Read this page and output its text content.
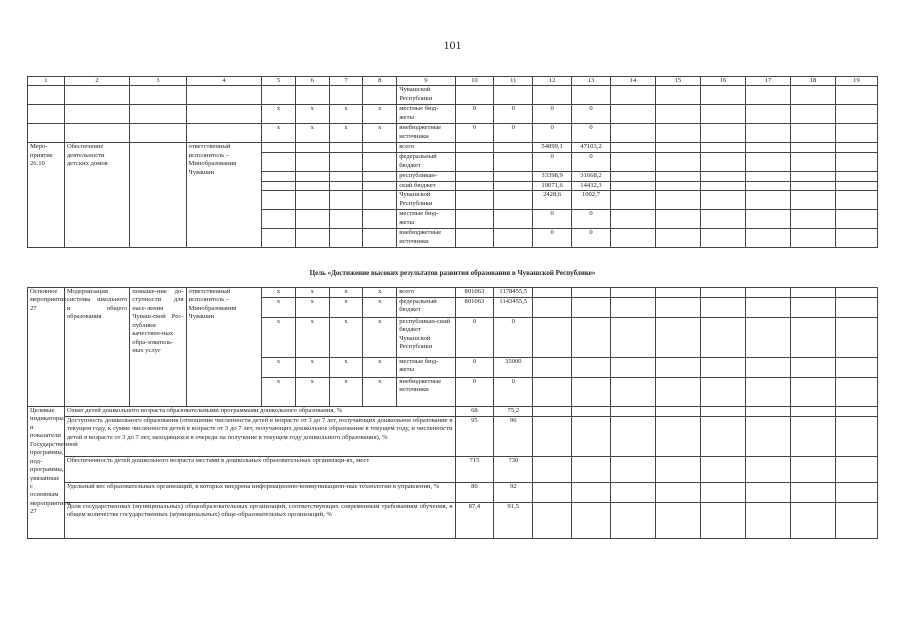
101
1	2	3	4	5	6	7	8	9	10	11	12	13	14	15	16	17	18	19
								Чувашской Республики										
				x	x	x	x	местные бюд-жеты	0	0	0	0						
				x	x	x	x	внебюджетные источники	0	0	0	0						
Меро-приятие 26.10	Обеспечение деятельности детских домов		ответственный исполнитель – Минобразования Чувашии					всего			54899,1	47103,2						
								федеральный бюджет			0	0						
								республикан-			33398,9	31668,2						
								ский бюджет			19071,6	14432,3						
								Чувашской Республики			2428,6	1002,7						
								местные бюд-жеты			0	0						
								внебюджетные источники			0	0						
Цель «Достижение высоких результатов развития образования в Чувашской Республике»
Основное мероприятие 27	Модернизация системы школьного и общего образования	повыше-ние до-ступности для насе-ления Чуваш-ской Рес-публики качествен-ных обра-зователь-ных услуг	ответственный исполнитель – Минобразования Чувашии	x	x	x	x	всего	801063	1178455,5								
				x	x	x	x	федеральный бюджет	801063	1143455,5								
				x	x	x	x	республикан-ский бюджет Чувашской Республики	0	0								
				x	x	x	x	местные бюд-жеты	0	35000								
				x	x	x	x	внебюджетные источники	0	0								
Целевые индикаторы и показатели Государственной программы, под-программы, увязанные с основным мероприятием 27	Охват детей дошкольного возраста образовательными программами дошкольного образования, %								68	75,2								
	Доступность дошкольного образования (отношение численности детей в возрасте от 3 до 7 лет, получающих дошкольное образование в текущем году, к сумме численности детей в возрасте от 3 до 7 лет, получающих дошкольное образование в текущем году, и численности детей в возрасте от 3 до 7 лет, находящихся в очереди на получение в текущем году дошкольного образования), %								95	96								
	Обеспеченность детей дошкольного возраста местами в дошкольных образовательных организаци-ях, мест								715	730								
	Удельный вес образовательных организаций, в которых внедрена информационно-коммуникацион-ные технологии в управлении, %								80	92								
	Доля государственных (муниципальных) общеобразовательных организаций, соответствующих современным требованиям обучения, в общем количестве государственных (муниципальных) обще-образовательных организаций, %								87,4	91,5								
